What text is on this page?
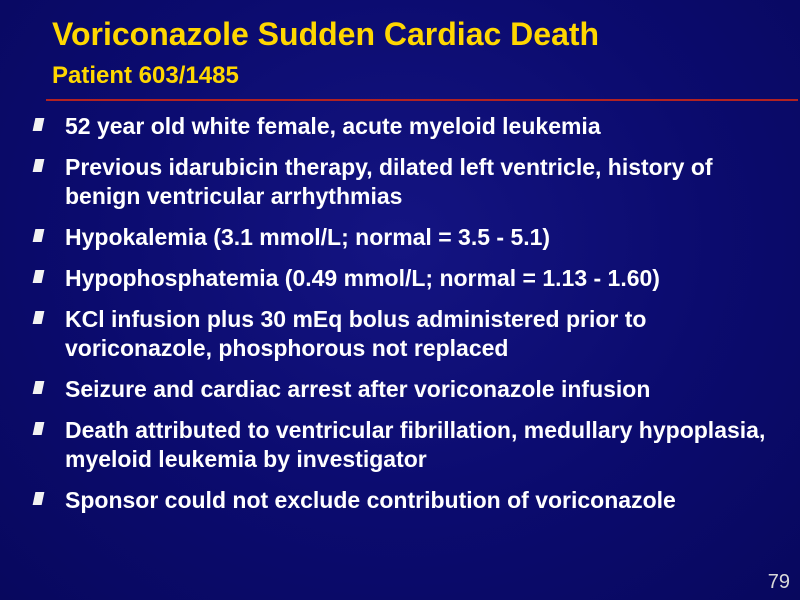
Voriconazole Sudden Cardiac Death
Patient 603/1485
52 year old white female, acute myeloid leukemia
Previous idarubicin therapy, dilated left ventricle, history of benign ventricular arrhythmias
Hypokalemia (3.1 mmol/L; normal = 3.5 - 5.1)
Hypophosphatemia (0.49 mmol/L; normal = 1.13 - 1.60)
KCl infusion plus 30 mEq bolus administered prior to voriconazole, phosphorous not replaced
Seizure and cardiac arrest after voriconazole infusion
Death attributed to ventricular fibrillation, medullary hypoplasia, myeloid leukemia by investigator
Sponsor could not exclude contribution of voriconazole
79
